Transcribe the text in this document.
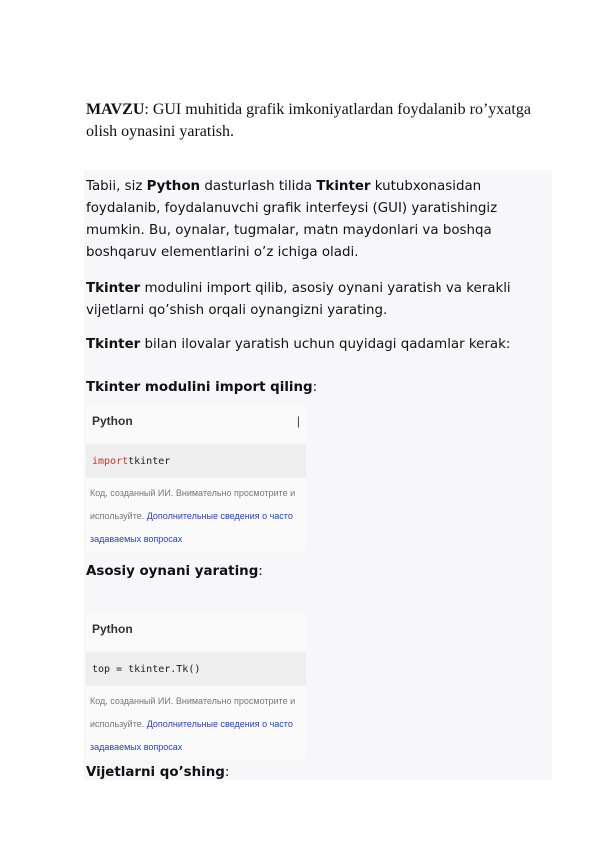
MAVZU: GUI muhitida grafik imkoniyatlardan foydalanib ro’yxatga olish oynasini yaratish.
Tabii, siz Python dasturlash tilida Tkinter kutubxonasidan foydalanib, foydalanuvchi grafik interfeysi (GUI) yaratishingiz mumkin. Bu, oynalar, tugmalar, matn maydonlari va boshqa boshqaruv elementlarini o’z ichiga oladi.
Tkinter modulini import qilib, asosiy oynani yaratish va kerakli vijetlarni qo’shish orqali oynangizni yarating.
Tkinter bilan ilovalar yaratish uchun quyidagi qadamlar kerak:
Tkinter modulini import qiling:
Python	|
import tkinter
Код, созданный ИИ. Внимательно просмотрите и используйте. Дополнительные сведения о часто задаваемых вопросах
Asosiy oynani yarating:
Python
top = tkinter.Tk()
Код, созданный ИИ. Внимательно просмотрите и используйте. Дополнительные сведения о часто задаваемых вопросах
Vijetlarni qo’shing:
